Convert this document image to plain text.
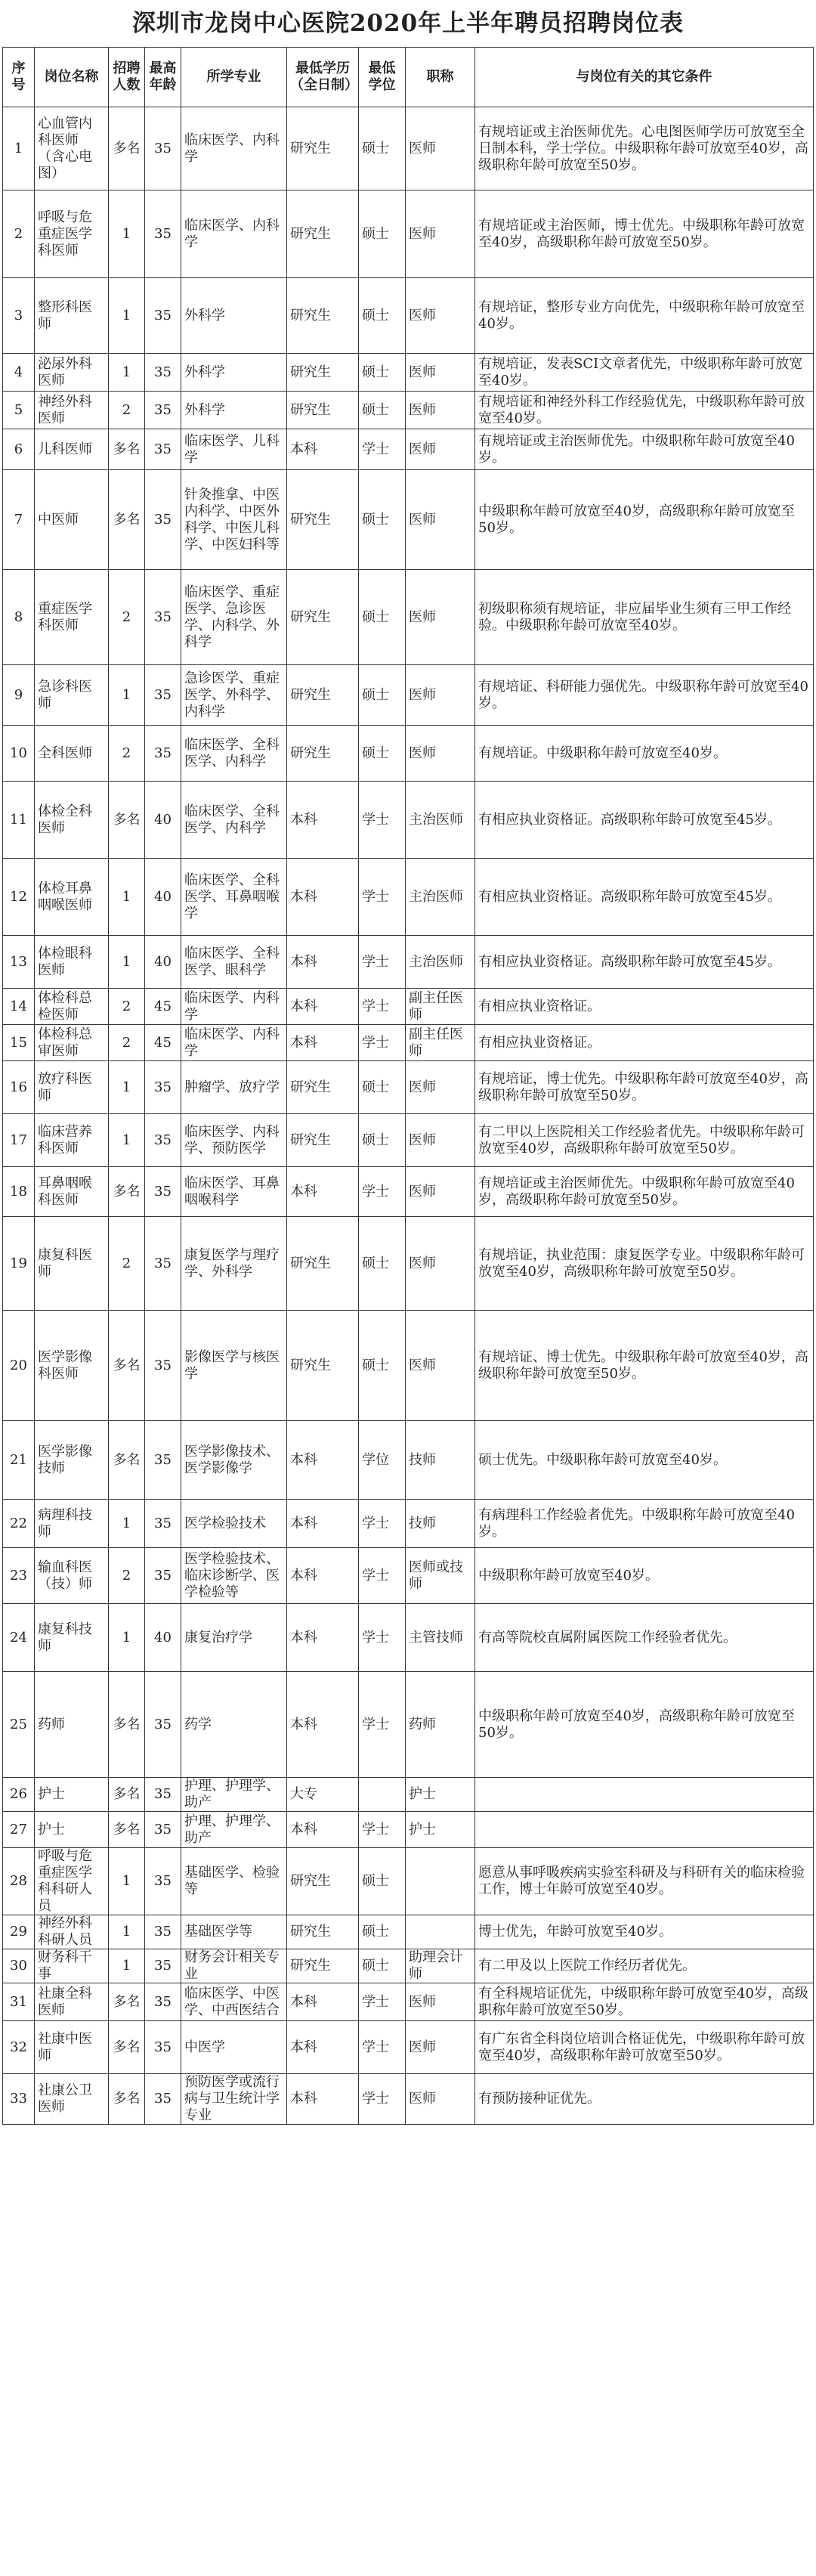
深圳市龙岗中心医院2020年上半年聘员招聘岗位表
序号	岗位名称	招聘人数	最高年龄	所学专业	最低学历（全日制）	最低学位	职称	与岗位有关的其它条件
1	心血管内科医师（含心电图）	多名	35	临床医学、内科学	研究生	硕士	医师	有规培证或主治医师优先。心电图医师学历可放宽至全日制本科，学士学位。中级职称年龄可放宽至40岁，高级职称年龄可放宽至50岁。
2	呼吸与危重症医学科医师	1	35	临床医学、内科学	研究生	硕士	医师	有规培证或主治医师，博士优先。中级职称年龄可放宽至40岁，高级职称年龄可放宽至50岁。
3	整形科医师	1	35	外科学	研究生	硕士	医师	有规培证，整形专业方向优先，中级职称年龄可放宽至40岁。
4	泌尿外科医师	1	35	外科学	研究生	硕士	医师	有规培证，发表SCI文章者优先，中级职称年龄可放宽至40岁。
5	神经外科医师	2	35	外科学	研究生	硕士	医师	有规培证和神经外科工作经验优先，中级职称年龄可放宽至40岁。
6	儿科医师	多名	35	临床医学、儿科学	本科	学士	医师	有规培证或主治医师优先。中级职称年龄可放宽至40岁。
7	中医师	多名	35	针灸推拿、中医内科学、中医外科学、中医儿科学、中医妇科等	研究生	硕士	医师	中级职称年龄可放宽至40岁，高级职称年龄可放宽至50岁。
8	重症医学科医师	2	35	临床医学、重症医学、急诊医学、内科学、外科学	研究生	硕士	医师	初级职称须有规培证，非应届毕业生须有三甲工作经验。中级职称年龄可放宽至40岁。
9	急诊科医师	1	35	急诊医学、重症医学、外科学、内科学	研究生	硕士	医师	有规培证、科研能力强优先。中级职称年龄可放宽至40岁。
10	全科医师	2	35	临床医学、全科医学、内科学	研究生	硕士	医师	有规培证。中级职称年龄可放宽至40岁。
11	体检全科医师	多名	40	临床医学、全科医学、内科学	本科	学士	主治医师	有相应执业资格证。高级职称年龄可放宽至45岁。
12	体检耳鼻咽喉医师	1	40	临床医学、全科医学、耳鼻咽喉学	本科	学士	主治医师	有相应执业资格证。高级职称年龄可放宽至45岁。
13	体检眼科医师	1	40	临床医学、全科医学、眼科学	本科	学士	主治医师	有相应执业资格证。高级职称年龄可放宽至45岁。
14	体检科总检医师	2	45	临床医学、内科学	本科	学士	副主任医师	有相应执业资格证。
15	体检科总审医师	2	45	临床医学、内科学	本科	学士	副主任医师	有相应执业资格证。
16	放疗科医师	1	35	肿瘤学、放疗学	研究生	硕士	医师	有规培证，博士优先。中级职称年龄可放宽至40岁，高级职称年龄可放宽至50岁。
17	临床营养科医师	1	35	临床医学、内科学、预防医学	研究生	硕士	医师	有二甲以上医院相关工作经验者优先。中级职称年龄可放宽至40岁，高级职称年龄可放宽至50岁。
18	耳鼻咽喉科医师	多名	35	临床医学、耳鼻咽喉科学	本科	学士	医师	有规培证或主治医师优先。中级职称年龄可放宽至40岁，高级职称年龄可放宽至50岁。
19	康复科医师	2	35	康复医学与理疗学、外科学	研究生	硕士	医师	有规培证，执业范围：康复医学专业。中级职称年龄可放宽至40岁，高级职称年龄可放宽至50岁。
20	医学影像科医师	多名	35	影像医学与核医学	研究生	硕士	医师	有规培证、博士优先。中级职称年龄可放宽至40岁，高级职称年龄可放宽至50岁。
21	医学影像技师	多名	35	医学影像技术、医学影像学	本科	学位	技师	硕士优先。中级职称年龄可放宽至40岁。
22	病理科技师	1	35	医学检验技术	本科	学士	技师	有病理科工作经验者优先。中级职称年龄可放宽至40岁。
23	输血科医（技）师	2	35	医学检验技术、临床诊断学、医学检验等	本科	学士	医师或技师	中级职称年龄可放宽至40岁。
24	康复科技师	1	40	康复治疗学	本科	学士	主管技师	有高等院校直属附属医院工作经验者优先。
25	药师	多名	35	药学	本科	学士	药师	中级职称年龄可放宽至40岁，高级职称年龄可放宽至50岁。
26	护士	多名	35	护理、护理学、助产	大专		护士	
27	护士	多名	35	护理、护理学、助产	本科	学士	护士	
28	呼吸与危重症医学科科研人员	1	35	基础医学、检验等	研究生	硕士		愿意从事呼吸疾病实验室科研及与科研有关的临床检验工作，博士年龄可放宽至40岁。
29	神经外科科研人员	1	35	基础医学等	研究生	硕士		博士优先，年龄可放宽至40岁。
30	财务科干事	1	35	财务会计相关专业	研究生	硕士	助理会计师	有二甲及以上医院工作经历者优先。
31	社康全科医师	多名	35	临床医学、中医学、中西医结合	本科	学士	医师	有全科规培证优先，中级职称年龄可放宽至40岁，高级职称年龄可放宽至50岁。
32	社康中医师	多名	35	中医学	本科	学士	医师	有广东省全科岗位培训合格证优先，中级职称年龄可放宽至40岁，高级职称年龄可放宽至50岁。
33	社康公卫医师	多名	35	预防医学或流行病与卫生统计学专业	本科	学士	医师	有预防接种证优先。
